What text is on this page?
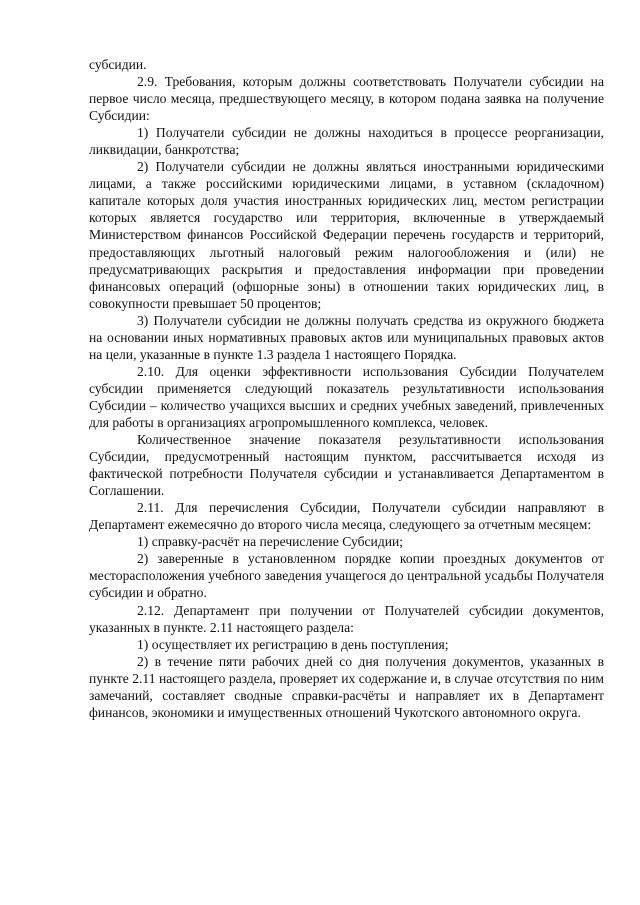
субсидии.

2.9. Требования, которым должны соответствовать Получатели субсидии на первое число месяца, предшествующего месяцу, в котором подана заявка на получение Субсидии:

1) Получатели субсидии не должны находиться в процессе реорганизации, ликвидации, банкротства;

2) Получатели субсидии не должны являться иностранными юридическими лицами, а также российскими юридическими лицами, в уставном (складочном) капитале которых доля участия иностранных юридических лиц, местом регистрации которых является государство или территория, включенные в утверждаемый Министерством финансов Российской Федерации перечень государств и территорий, предоставляющих льготный налоговый режим налогообложения и (или) не предусматривающих раскрытия и предоставления информации при проведении финансовых операций (офшорные зоны) в отношении таких юридических лиц, в совокупности превышает 50 процентов;

3) Получатели субсидии не должны получать средства из окружного бюджета на основании иных нормативных правовых актов или муниципальных правовых актов на цели, указанные в пункте 1.3 раздела 1 настоящего Порядка.

2.10. Для оценки эффективности использования Субсидии Получателем субсидии применяется следующий показатель результативности использования Субсидии – количество учащихся высших и средних учебных заведений, привлеченных для работы в организациях агропромышленного комплекса, человек.

Количественное значение показателя результативности использования Субсидии, предусмотренный настоящим пунктом, рассчитывается исходя из фактической потребности Получателя субсидии и устанавливается Департаментом в Соглашении.

2.11. Для перечисления Субсидии, Получатели субсидии направляют в Департамент ежемесячно до второго числа месяца, следующего за отчетным месяцем:

1) справку-расчёт на перечисление Субсидии;

2) заверенные в установленном порядке копии проездных документов от месторасположения учебного заведения учащегося до центральной усадьбы Получателя субсидии и обратно.

2.12. Департамент при получении от Получателей субсидии документов, указанных в пункте. 2.11 настоящего раздела:

1) осуществляет их регистрацию в день поступления;

2) в течение пяти рабочих дней со дня получения документов, указанных в пункте 2.11 настоящего раздела, проверяет их содержание и, в случае отсутствия по ним замечаний, составляет сводные справки-расчёты и направляет их в Департамент финансов, экономики и имущественных отношений Чукотского автономного округа.
